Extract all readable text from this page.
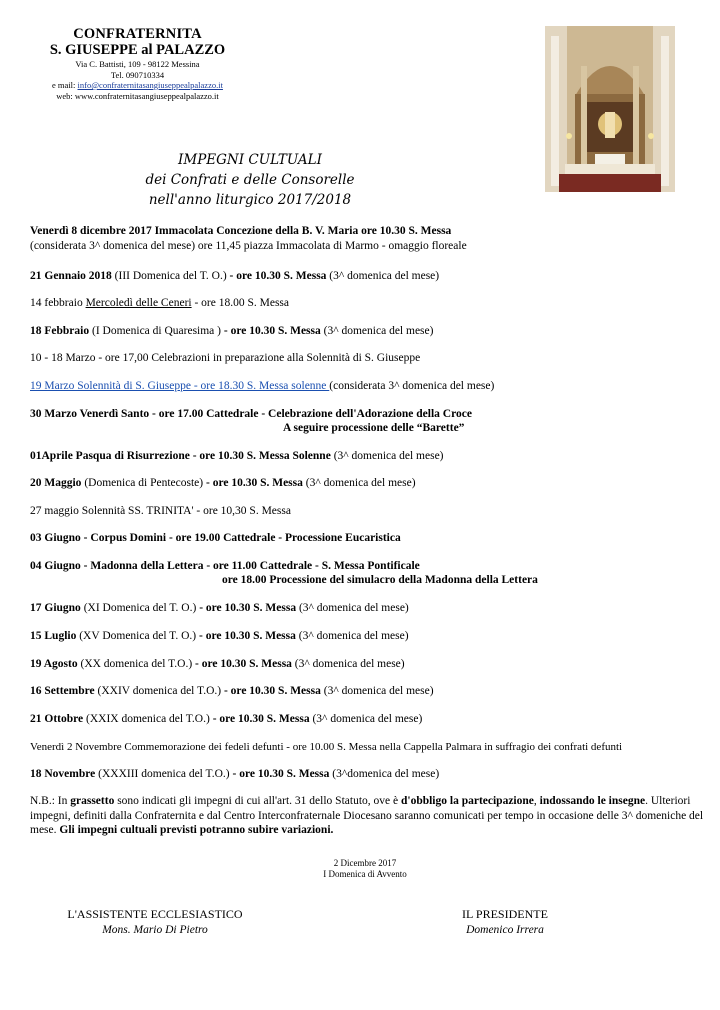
CONFRATERNITA
S. GIUSEPPE al PALAZZO
Via C. Battisti, 109 - 98122 Messina
Tel. 090710334
e mail: info@confraternitasangiuseppealpalazzo.it
web: www.confraternitasangiuseppealpalazzo.it
IMPEGNI CULTUALI
dei Confrati e delle Consorelle
nell'anno liturgico 2017/2018
Venerdì 8 dicembre 2017 Immacolata Concezione della B. V. Maria ore 10.30 S. Messa
(considerata 3^ domenica del mese) ore 11,45 piazza Immacolata di Marmo - omaggio floreale
21 Gennaio 2018 (III Domenica del T. O.) - ore 10.30 S. Messa (3^ domenica del mese)
14 febbraio Mercoledì delle Ceneri - ore 18.00 S. Messa
18 Febbraio (I Domenica di Quaresima ) - ore 10.30 S. Messa (3^ domenica del mese)
10 - 18 Marzo - ore 17,00 Celebrazioni in preparazione alla Solennità di S. Giuseppe
19 Marzo Solennità di S. Giuseppe - ore 18.30 S. Messa solenne (considerata 3^ domenica del mese)
30 Marzo Venerdì Santo - ore 17.00 Cattedrale - Celebrazione dell'Adorazione della Croce
A seguire processione delle “Barette”
01Aprile Pasqua di Risurrezione - ore 10.30 S. Messa Solenne (3^ domenica del mese)
20 Maggio (Domenica di Pentecoste) - ore 10.30 S. Messa (3^ domenica del mese)
27 maggio Solennità SS. TRINITA' - ore 10,30 S. Messa
03 Giugno - Corpus Domini - ore 19.00 Cattedrale - Processione Eucaristica
04 Giugno - Madonna della Lettera - ore 11.00 Cattedrale - S. Messa Pontificale
ore 18.00 Processione del simulacro della Madonna della Lettera
17 Giugno (XI Domenica del T. O.) - ore 10.30 S. Messa (3^ domenica del mese)
15 Luglio (XV Domenica del T. O.) - ore 10.30 S. Messa (3^ domenica del mese)
19 Agosto (XX domenica del T.O.) - ore 10.30 S. Messa (3^ domenica del mese)
16 Settembre (XXIV domenica del T.O.) - ore 10.30 S. Messa (3^ domenica del mese)
21 Ottobre (XXIX domenica del T.O.) - ore 10.30 S. Messa (3^ domenica del mese)
Venerdì 2 Novembre Commemorazione dei fedeli defunti - ore 10.00 S. Messa nella Cappella Palmara in suffragio dei confrati defunti
18 Novembre (XXXIII domenica del T.O.) - ore 10.30 S. Messa (3^domenica del mese)
N.B.: In grassetto sono indicati gli impegni di cui all'art. 31 dello Statuto, ove è d'obbligo la partecipazione, indossando le insegne. Ulteriori impegni, definiti dalla Confraternita e dal Centro Interconfraternale Diocesano saranno comunicati per tempo in occasione delle 3^ domeniche del mese. Gli impegni cultuali previsti potranno subire variazioni.
2 Dicembre 2017
I Domenica di Avvento
L'ASSISTENTE ECCLESIASTICO
Mons. Mario Di Pietro
IL PRESIDENTE
Domenico Irrera
